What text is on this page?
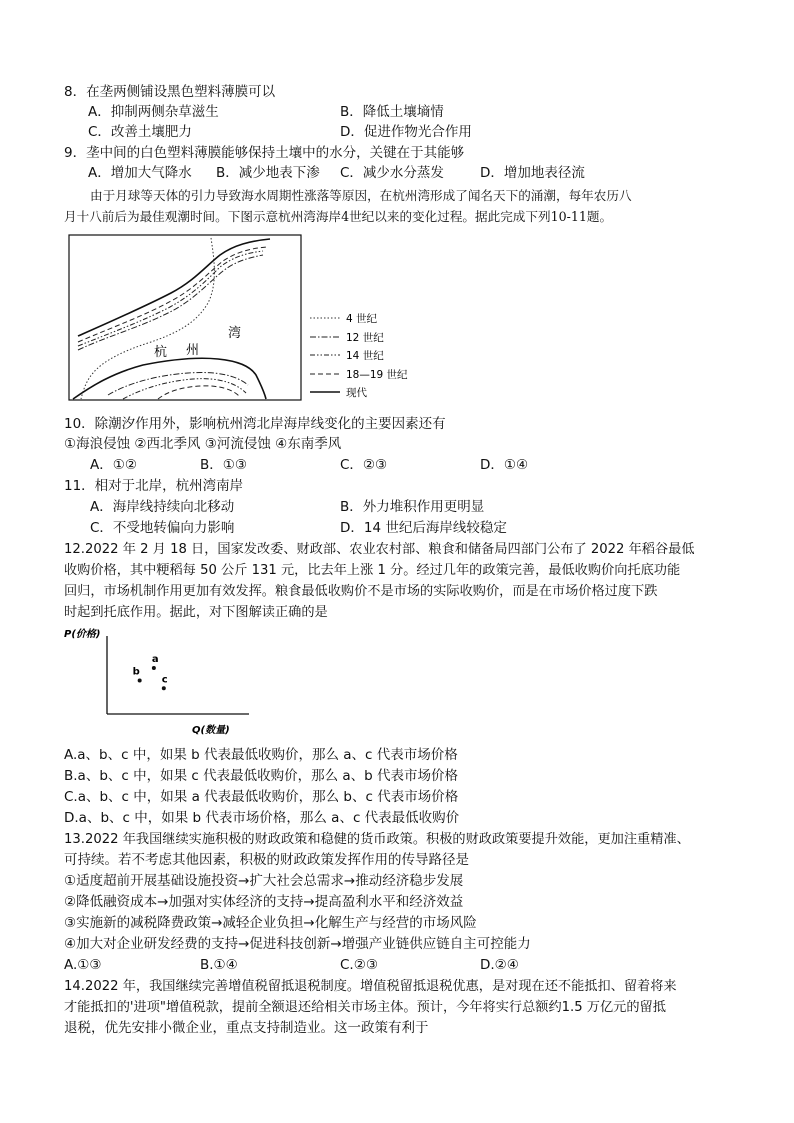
8．在垄两侧铺设黑色塑料薄膜可以
A．抑制两侧杂草滋生	B．降低土壤墒情
C．改善土壤肥力	D．促进作物光合作用
9．垄中间的白色塑料薄膜能够保持土壤中的水分，关键在于其能够
A．增加大气降水 B．减少地表下渗 C．减少水分蒸发	D．增加地表径流
由于月球等天体的引力导致海水周期性涨落等原因，在杭州湾形成了闻名天下的涌潮，每年农历八
月十八前后为最佳观潮时间。下图示意杭州湾海岸4世纪以来的变化过程。据此完成下列10-11题。
湾
杭 州
4 世纪
12 世纪
14 世纪
18—19 世纪
现代
10．除潮汐作用外，影响杭州湾北岸海岸线变化的主要因素还有
①海浪侵蚀 ②西北季风 ③河流侵蚀 ④东南季风
A．①②	B．①③	C．②③	D．①④
11．相对于北岸，杭州湾南岸
A．海岸线持续向北移动	B．外力堆积作用更明显
C．不受地转偏向力影响	D．14 世纪后海岸线较稳定
12.2022 年 2 月 18 日，国家发改委、财政部、农业农村部、粮食和储备局四部门公布了 2022 年稻谷最低
收购价格，其中粳稻每 50 公斤 131 元，比去年上涨 1 分。经过几年的政策完善，最低收购价向托底功能
回归，市场机制作用更加有效发挥。粮食最低收购价不是市场的实际收购价，而是在市场价格过度下跌
时起到托底作用。据此，对下图解读正确的是
P(价格)
Q(数量)
a
b
c
A.a、b、c 中，如果 b 代表最低收购价，那么 a、c 代表市场价格
B.a、b、c 中，如果 c 代表最低收购价，那么 a、b 代表市场价格
C.a、b、c 中，如果 a 代表最低收购价，那么 b、c 代表市场价格
D.a、b、c 中，如果 b 代表市场价格，那么 a、c 代表最低收购价
13.2022 年我国继续实施积极的财政政策和稳健的货币政策。积极的财政政策要提升效能，更加注重精准、
可持续。若不考虑其他因素，积极的财政政策发挥作用的传导路径是
①适度超前开展基础设施投资→扩大社会总需求→推动经济稳步发展
②降低融资成本→加强对实体经济的支持→提高盈利水平和经济效益
③实施新的减税降费政策→减轻企业负担→化解生产与经营的市场风险
④加大对企业研发经费的支持→促进科技创新→增强产业链供应链自主可控能力
A.①③	B.①④	C.②③	D.②④
14.2022 年，我国继续完善增值税留抵退税制度。增值税留抵退税优惠，是对现在还不能抵扣、留着将来
才能抵扣的'进项"增值税款，提前全额退还给相关市场主体。预计，今年将实行总额约1.5 万亿元的留抵
退税，优先安排小微企业，重点支持制造业。这一政策有利于
